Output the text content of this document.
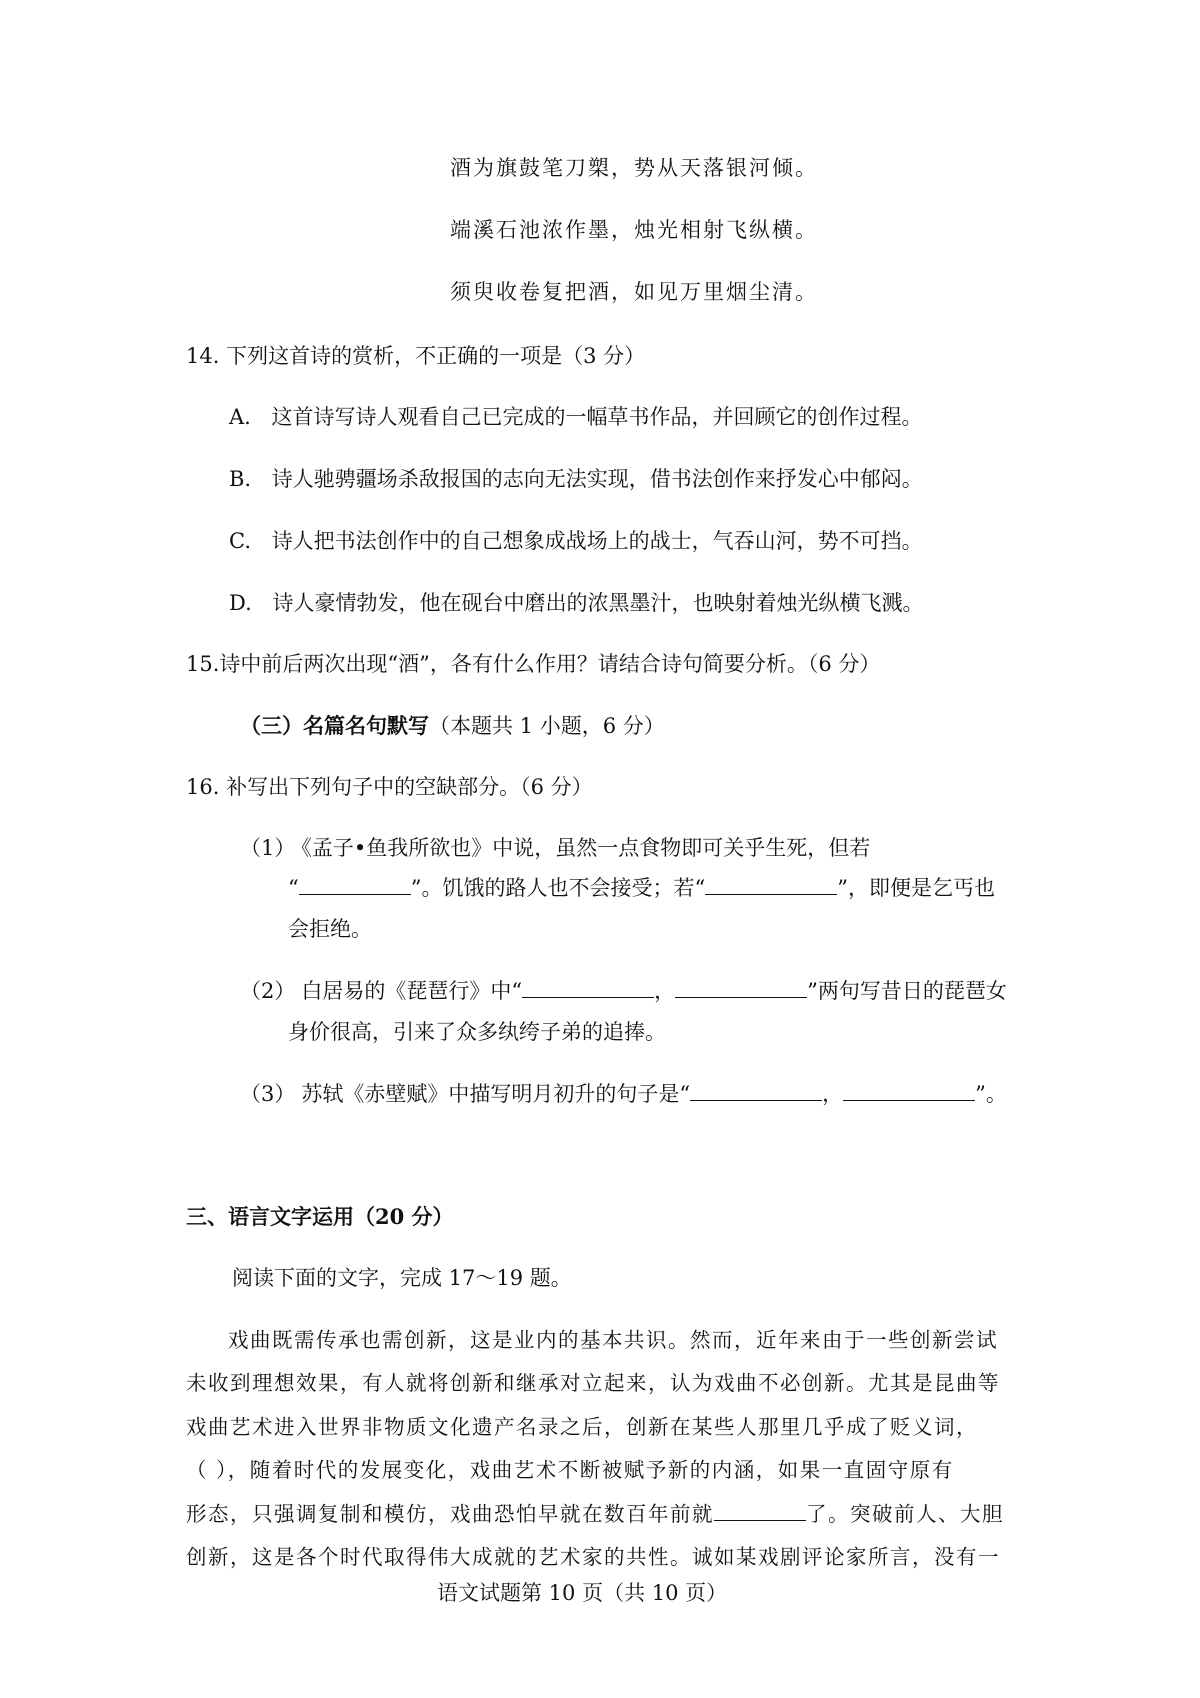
酒为旗鼓笔刀槊，势从天落银河倾。
端溪石池浓作墨，烛光相射飞纵横。
须臾收卷复把酒，如见万里烟尘清。
14. 下列这首诗的赏析，不正确的一项是（3 分）
A. 这首诗写诗人观看自己已完成的一幅草书作品，并回顾它的创作过程。
B. 诗人驰骋疆场杀敌报国的志向无法实现，借书法创作来抒发心中郁闷。
C. 诗人把书法创作中的自己想象成战场上的战士，气吞山河，势不可挡。
D. 诗人豪情勃发，他在砚台中磨出的浓黑墨汁，也映射着烛光纵横飞溅。
15.诗中前后两次出现“酒”，各有什么作用？请结合诗句简要分析。（6 分）
（三）名篇名句默写（本题共 1 小题，6 分）
16. 补写出下列句子中的空缺部分。（6 分）
（1） 《孟子•鱼我所欲也》中说，虽然一点食物即可关乎生死，但若
“	”。饥饿的路人也不会接受；若“	”，即便是乞丐也
会拒绝。
（2） 白居易的《琵琶行》中“	，	”两句写昔日的琵琶女
身价很高，引来了众多纨绔子弟的追捧。
（3） 苏轼《赤壁赋》中描写明月初升的句子是“	，	”。
三、语言文字运用（20 分）
阅读下面的文字，完成 17～19 题。
戏曲既需传承也需创新，这是业内的基本共识。然而，近年来由于一些创新尝试
未收到理想效果，有人就将创新和继承对立起来，认为戏曲不必创新。尤其是昆曲等
戏曲艺术进入世界非物质文化遗产名录之后，创新在某些人那里几乎成了贬义词，
（ ），随着时代的发展变化，戏曲艺术不断被赋予新的内涵，如果一直固守原有
形态，只强调复制和模仿，戏曲恐怕早就在数百年前就	了。突破前人、大胆
创新，这是各个时代取得伟大成就的艺术家的共性。诚如某戏剧评论家所言，没有一
语文试题第 10 页（共 10 页）
